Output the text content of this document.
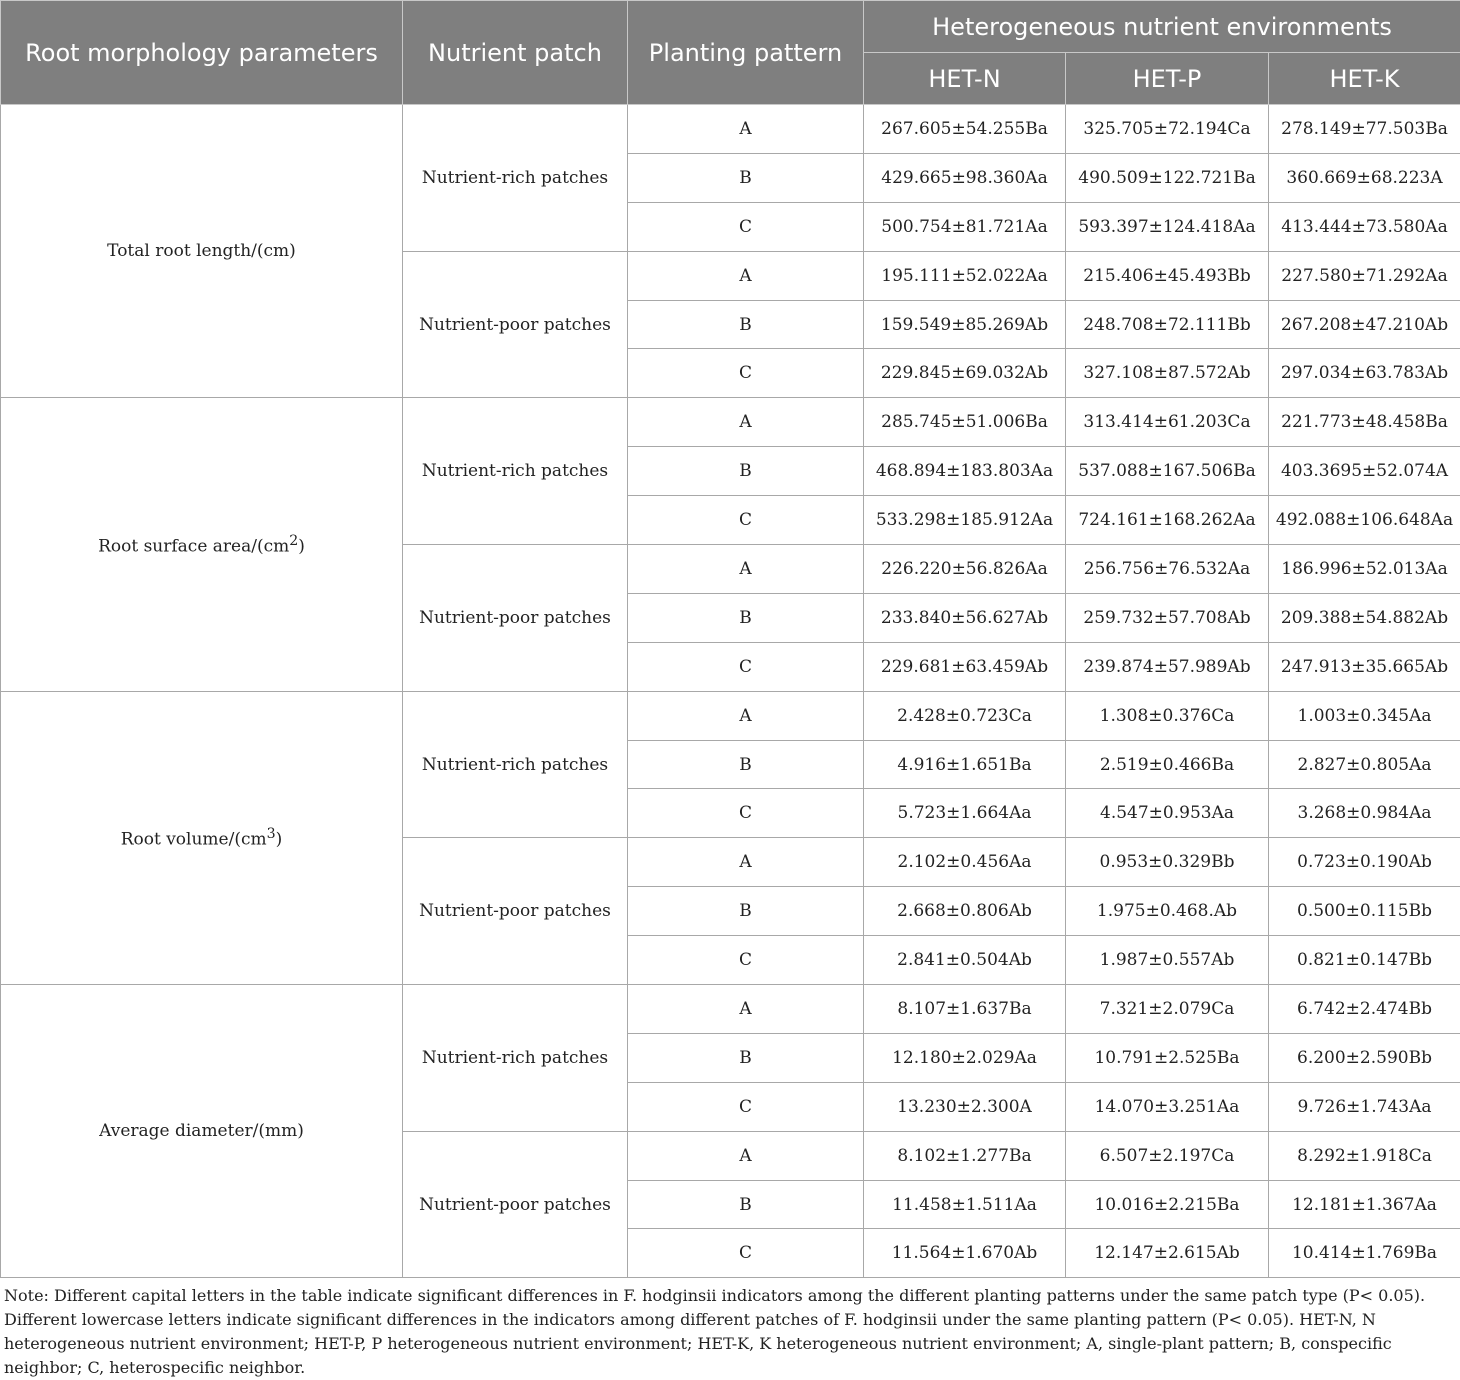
Root morphology parameters	Nutrient patch	Planting pattern	Heterogeneous nutrient environments		
			HET-N	HET-P	HET-K
Total root length/(cm)	Nutrient-rich patches	A	267.605±54.255Ba	325.705±72.194Ca	278.149±77.503Ba
		B	429.665±98.360Aa	490.509±122.721Ba	360.669±68.223A
		C	500.754±81.721Aa	593.397±124.418Aa	413.444±73.580Aa
	Nutrient-poor patches	A	195.111±52.022Aa	215.406±45.493Bb	227.580±71.292Aa
		B	159.549±85.269Ab	248.708±72.111Bb	267.208±47.210Ab
		C	229.845±69.032Ab	327.108±87.572Ab	297.034±63.783Ab
Root surface area/$(cm^2)$	Nutrient-rich patches	A	285.745±51.006Ba	313.414±61.203Ca	221.773±48.458Ba
		B	468.894±183.803Aa	537.088±167.506Ba	403.3695±52.074A
		C	533.298±185.912Aa	724.161±168.262Aa	492.088±106.648Aa
	Nutrient-poor patches	A	226.220±56.826Aa	256.756±76.532Aa	186.996±52.013Aa
		B	233.840±56.627Ab	259.732±57.708Ab	209.388±54.882Ab
		C	229.681±63.459Ab	239.874±57.989Ab	247.913±35.665Ab
Root volume/$(cm^3)$	Nutrient-rich patches	A	2.428±0.723Ca	1.308±0.376Ca	1.003±0.345Aa
		B	4.916±1.651Ba	2.519±0.466Ba	2.827±0.805Aa
		C	5.723±1.664Aa	4.547±0.953Aa	3.268±0.984Aa
	Nutrient-poor patches	A	2.102±0.456Aa	0.953±0.329Bb	0.723±0.190Ab
		B	2.668±0.806Ab	1.975±0.468.Ab	0.500±0.115Bb
		C	2.841±0.504Ab	1.987±0.557Ab	0.821±0.147Bb
Average diameter/(mm)	Nutrient-rich patches	A	8.107±1.637Ba	7.321±2.079Ca	6.742±2.474Bb
		B	12.180±2.029Aa	10.791±2.525Ba	6.200±2.590Bb
		C	13.230±2.300A	14.070±3.251Aa	9.726±1.743Aa
	Nutrient-poor patches	A	8.102±1.277Ba	6.507±2.197Ca	8.292±1.918Ca
		B	11.458±1.511Aa	10.016±2.215Ba	12.181±1.367Aa
		C	11.564±1.670Ab	12.147±2.615Ab	10.414±1.769Ba
Note: Different capital letters in the table indicate significant differences in F. hodginsii indicators among the different planting patterns under the same patch type (P< 0.05). Different lowercase letters indicate significant differences in the indicators among different patches of F. hodginsii under the same planting pattern (P< 0.05). HET-N, N heterogeneous nutrient environment; HET-P, P heterogeneous nutrient environment; HET-K, K heterogeneous nutrient environment; A, single-plant pattern; B, conspecific neighbor; C, heterospecific neighbor.
